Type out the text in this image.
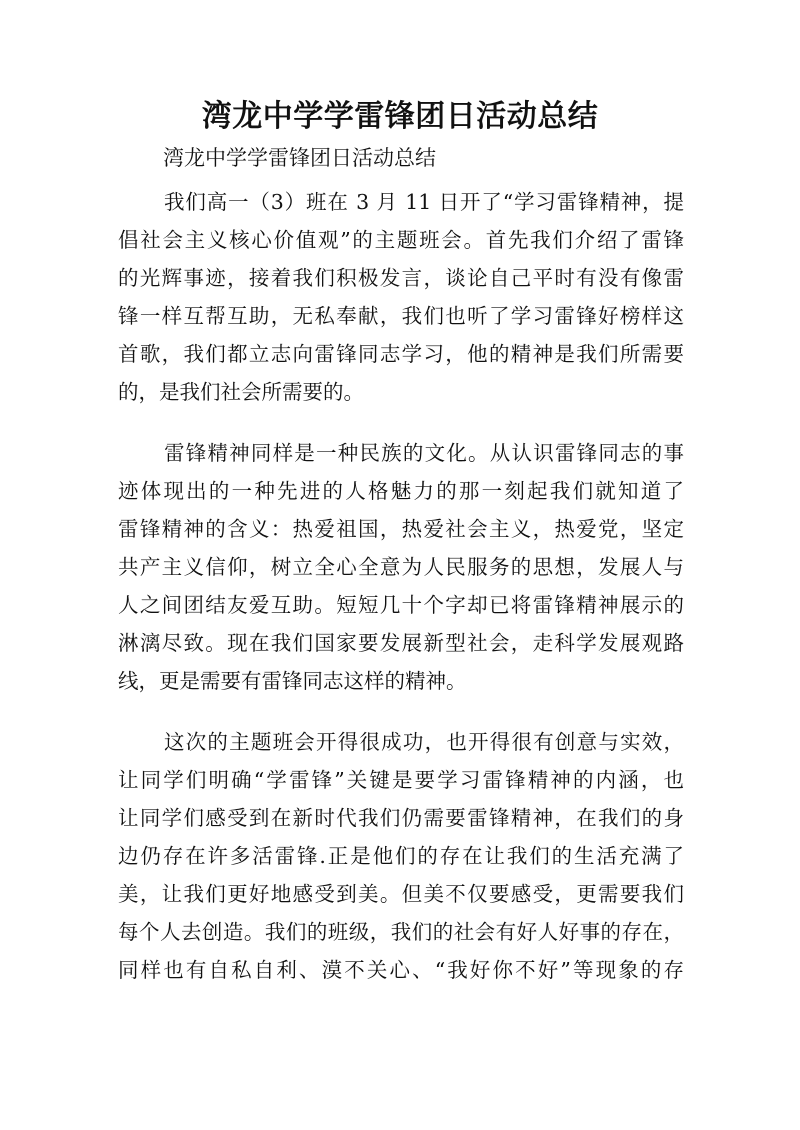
湾龙中学学雷锋团日活动总结

湾龙中学学雷锋团日活动总结

我们高一（3）班在 3 月 11 日开了“学习雷锋精神，提
倡社会主义核心价值观”的主题班会。首先我们介绍了雷锋
的光辉事迹，接着我们积极发言，谈论自己平时有没有像雷
锋一样互帮互助，无私奉献，我们也听了学习雷锋好榜样这
首歌，我们都立志向雷锋同志学习，他的精神是我们所需要
的，是我们社会所需要的。
雷锋精神同样是一种民族的文化。从认识雷锋同志的事
迹体现出的一种先进的人格魅力的那一刻起我们就知道了
雷锋精神的含义：热爱祖国，热爱社会主义，热爱党，坚定
共产主义信仰，树立全心全意为人民服务的思想，发展人与
人之间团结友爱互助。短短几十个字却已将雷锋精神展示的
淋漓尽致。现在我们国家要发展新型社会，走科学发展观路
线，更是需要有雷锋同志这样的精神。
这次的主题班会开得很成功，也开得很有创意与实效，
让同学们明确“学雷锋”关键是要学习雷锋精神的内涵，也
让同学们感受到在新时代我们仍需要雷锋精神，在我们的身
边仍存在许多活雷锋.正是他们的存在让我们的生活充满了
美，让我们更好地感受到美。但美不仅要感受，更需要我们
每个人去创造。我们的班级，我们的社会有好人好事的存在，
同样也有自私自利、漠不关心、“我好你不好”等现象的存
